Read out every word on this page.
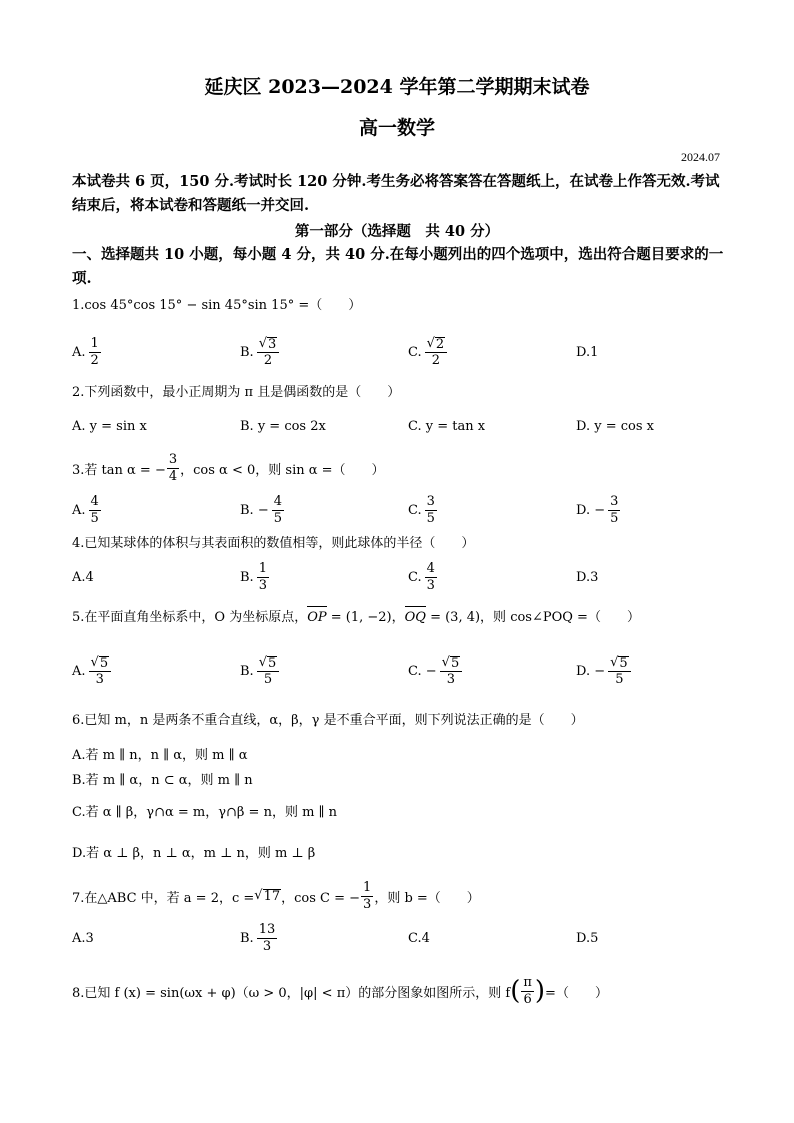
延庆区 2023—2024 学年第二学期期末试卷
高一数学
2024.07
本试卷共 6 页，150 分.考试时长 120 分钟.考生务必将答案答在答题纸上，在试卷上作答无效.考试结束后，将本试卷和答题纸一并交回.
第一部分（选择题　共 40 分）
一、选择题共 10 小题，每小题 4 分，共 40 分.在每小题列出的四个选项中，选出符合题目要求的一项.
1.cos 45°cos 15° − sin 45°sin 15° =（　　）
A. $\frac{1}{2}$	B. $\frac{√ 3}{2}$	C. $\frac{√ 2}{2}$	D.1
2.下列函数中，最小正周期为 π 且是偶函数的是（　　）
A. y = sin x	B. y = cos 2x	C. y = tan x	D. y = cos x
3.若 tan α = − $\frac{3}{4}$ ，cos α < 0，则 sin α =（　　）
A. $\frac{4}{5}$	B. − $\frac{4}{5}$	C. $\frac{3}{5}$	D. − $\frac{3}{5}$
4.已知某球体的体积与其表面积的数值相等，则此球体的半径（　　）
A.4	B. $\frac{1}{3}$	C. $\frac{4}{3}$	D.3
5.在平面直角坐标系中，O 为坐标原点，OP = (1, −2)，OQ = (3, 4)，则 cos∠POQ =（　　）
A. $\frac{√ 5}{3}$	B. $\frac{√ 5}{5}$	C. − $\frac{√ 5}{3}$	D. − $\frac{√ 5}{5}$
6.已知 m，n 是两条不重合直线，α，β，γ 是不重合平面，则下列说法正确的是（　　）
A.若 m ∥ n，n ∥ α，则 m ∥ α
B.若 m ∥ α，n ⊂ α，则 m ∥ n
C.若 α ∥ β，γ∩α = m，γ∩β = n，则 m ∥ n
D.若 α ⊥ β，n ⊥ α，m ⊥ n，则 m ⊥ β
7.在△ABC 中，若 a = 2，c = √ 17 ，cos C = − $\frac{1}{3}$ ，则 b =（　　）
A.3	B. $\frac{13}{3}$	C.4	D.5
8.已知 f (x) = sin(ωx + φ)（ω > 0，|φ| < π）的部分图象如图所示，则 f ( $\frac{\pi}{6}$ ) =（　　）
